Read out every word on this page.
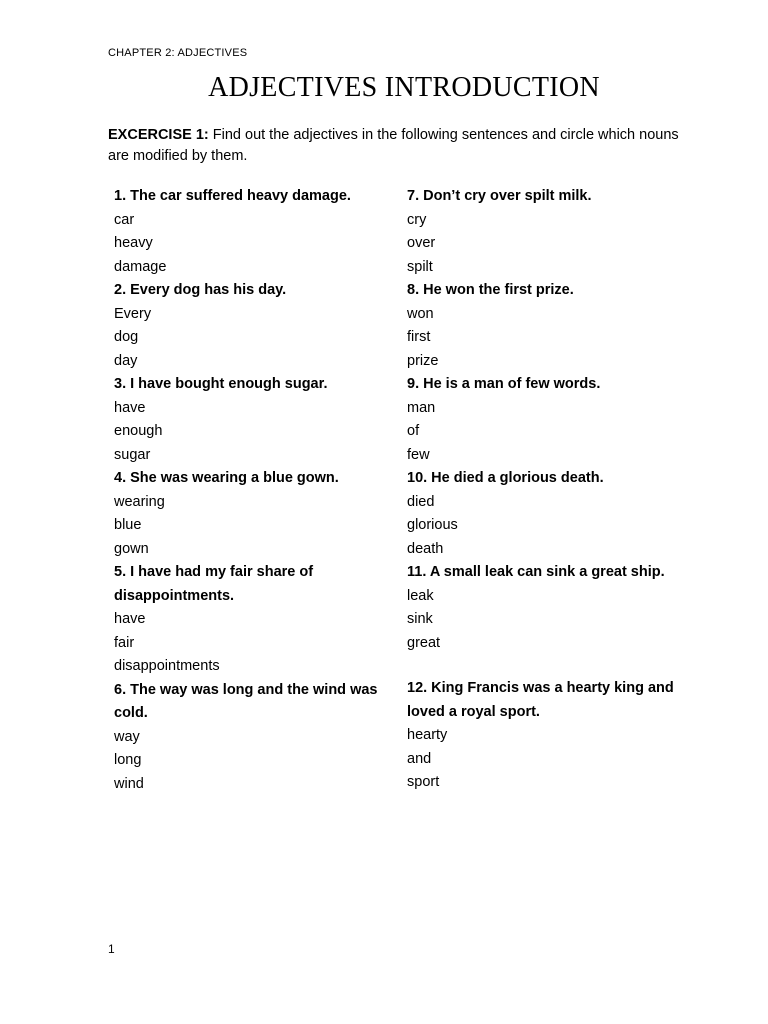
CHAPTER 2: ADJECTIVES
ADJECTIVES INTRODUCTION
EXCERCISE 1: Find out the adjectives in the following sentences and circle which nouns are modified by them.
1. The car suffered heavy damage.
car
heavy
damage
2. Every dog has his day.
Every
dog
day
3. I have bought enough sugar.
have
enough
sugar
4. She was wearing a blue gown.
wearing
blue
gown
5. I have had my fair share of disappointments.
have
fair
disappointments
6. The way was long and the wind was cold.
way
long
wind
7. Don’t cry over spilt milk.
cry
over
spilt
8. He won the first prize.
won
first
prize
9. He is a man of few words.
man
of
few
10. He died a glorious death.
died
glorious
death
11. A small leak can sink a great ship.
leak
sink
great
12. King Francis was a hearty king and loved a royal sport.
hearty
and
sport
1
